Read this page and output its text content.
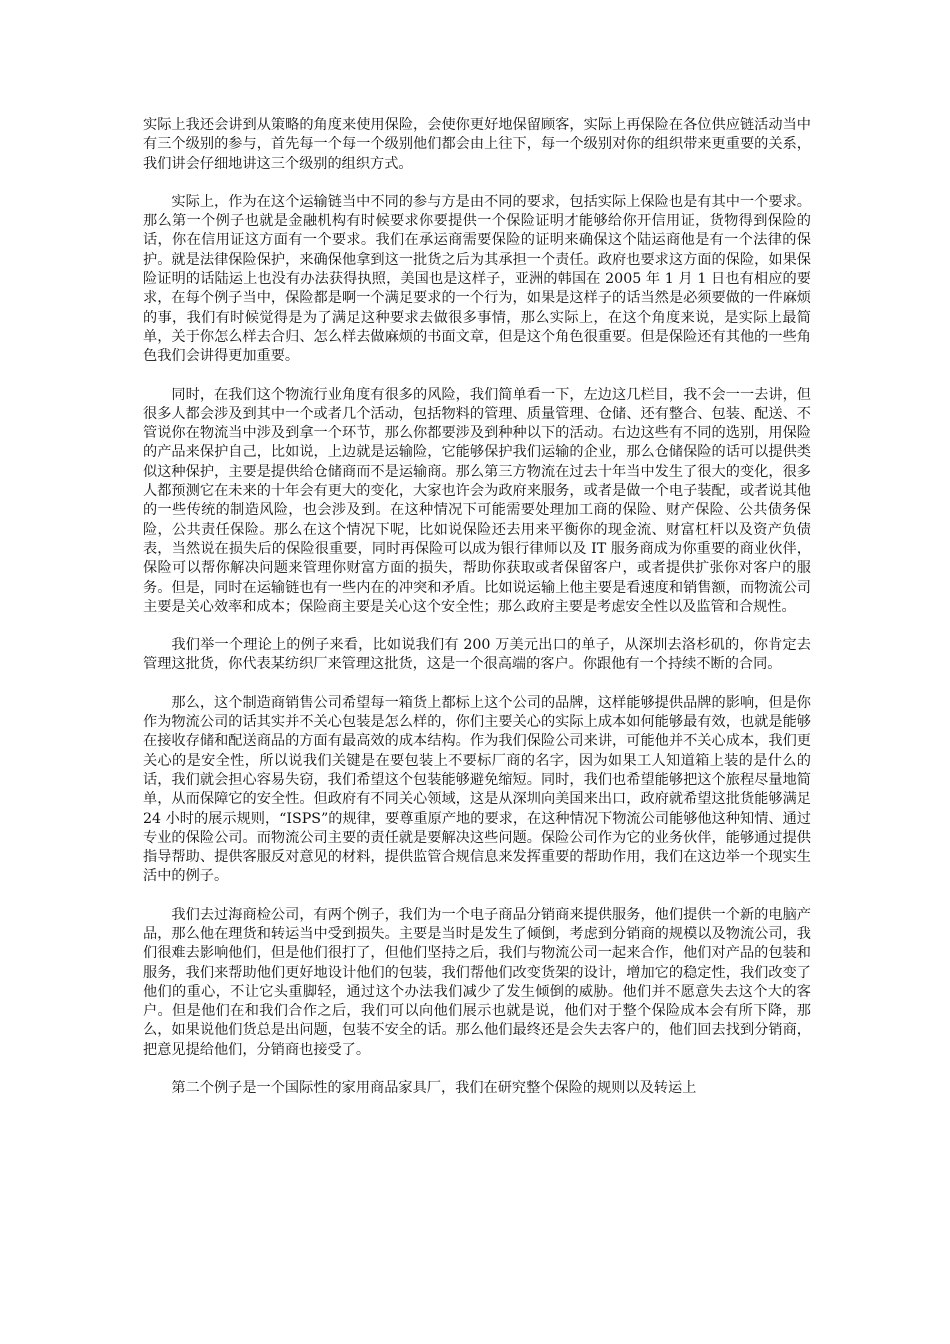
实际上我还会讲到从策略的角度来使用保险，会使你更好地保留顾客，实际上再保险在各位供应链活动当中有三个级别的参与，首先每一个每一个级别他们都会由上往下，每一个级别对你的组织带来更重要的关系，我们讲会仔细地讲这三个级别的组织方式。

实际上，作为在这个运输链当中不同的参与方是由不同的要求，包括实际上保险也是有其中一个要求。那么第一个例子也就是金融机构有时候要求你要提供一个保险证明才能够给你开信用证，货物得到保险的话，你在信用证这方面有一个要求。我们在承运商需要保险的证明来确保这个陆运商他是有一个法律的保护。就是法律保险保护，来确保他拿到这一批货之后为其承担一个责任。政府也要求这方面的保险，如果保险证明的话陆运上也没有办法获得执照，美国也是这样子，亚洲的韩国在 2005 年 1 月 1 日也有相应的要求，在每个例子当中，保险都是啊一个满足要求的一个行为，如果是这样子的话当然是必须要做的一件麻烦的事，我们有时候觉得是为了满足这种要求去做很多事情，那么实际上，在这个角度来说，是实际上最简单，关于你怎么样去合归、怎么样去做麻烦的书面文章，但是这个角色很重要。但是保险还有其他的一些角色我们会讲得更加重要。

同时，在我们这个物流行业角度有很多的风险，我们简单看一下，左边这几栏目，我不会一一去讲，但很多人都会涉及到其中一个或者几个活动，包括物料的管理、质量管理、仓储、还有整合、包装、配送、不管说你在物流当中涉及到拿一个环节，那么你都要涉及到种种以下的活动。右边这些有不同的选别，用保险的产品来保护自己，比如说，上边就是运输险，它能够保护我们运输的企业，那么仓储保险的话可以提供类似这种保护，主要是提供给仓储商而不是运输商。那么第三方物流在过去十年当中发生了很大的变化，很多人都预测它在未来的十年会有更大的变化，大家也许会为政府来服务，或者是做一个电子装配，或者说其他的一些传统的制造风险，也会涉及到。在这种情况下可能需要处理加工商的保险、财产保险、公共债务保险，公共责任保险。那么在这个情况下呢，比如说保险还去用来平衡你的现金流、财富杠杆以及资产负债表，当然说在损失后的保险很重要，同时再保险可以成为银行律师以及 IT 服务商成为你重要的商业伙伴，保险可以帮你解决问题来管理你财富方面的损失，帮助你获取或者保留客户，或者提供扩张你对客户的服务。但是，同时在运输链也有一些内在的冲突和矛盾。比如说运输上他主要是看速度和销售额，而物流公司主要是关心效率和成本；保险商主要是关心这个安全性；那么政府主要是考虑安全性以及监管和合规性。

我们举一个理论上的例子来看，比如说我们有 200 万美元出口的单子，从深圳去洛杉矶的，你肯定去管理这批货，你代表某纺织厂来管理这批货，这是一个很高端的客户。你跟他有一个持续不断的合同。

那么，这个制造商销售公司希望每一箱货上都标上这个公司的品牌，这样能够提供品牌的影响，但是你作为物流公司的话其实并不关心包装是怎么样的，你们主要关心的实际上成本如何能够最有效，也就是能够在接收存储和配送商品的方面有最高效的成本结构。作为我们保险公司来讲，可能他并不关心成本，我们更关心的是安全性，所以说我们关键是在要包装上不要标厂商的名字，因为如果工人知道箱上装的是什么的话，我们就会担心容易失窃，我们希望这个包装能够避免缩短。同时，我们也希望能够把这个旅程尽量地简单，从而保障它的安全性。但政府有不同关心领域，这是从深圳向美国来出口，政府就希望这批货能够满足 24 小时的展示规则，“ISPS”的规律，要尊重原产地的要求，在这种情况下物流公司能够他这种知情、通过专业的保险公司。而物流公司主要的责任就是要解决这些问题。保险公司作为它的业务伙伴，能够通过提供指导帮助、提供客服反对意见的材料，提供监管合规信息来发挥重要的帮助作用，我们在这边举一个现实生活中的例子。

我们去过海商检公司，有两个例子，我们为一个电子商品分销商来提供服务，他们提供一个新的电脑产品，那么他在理货和转运当中受到损失。主要是当时是发生了倾倒，考虑到分销商的规模以及物流公司，我们很难去影响他们，但是他们很打了，但他们坚持之后，我们与物流公司一起来合作，他们对产品的包装和服务，我们来帮助他们更好地设计他们的包装，我们帮他们改变货架的设计，增加它的稳定性，我们改变了他们的重心，不让它头重脚轻，通过这个办法我们减少了发生倾倒的威胁。他们并不愿意失去这个大的客户。但是他们在和我们合作之后，我们可以向他们展示也就是说，他们对于整个保险成本会有所下降，那么，如果说他们货总是出问题，包装不安全的话。那么他们最终还是会失去客户的，他们回去找到分销商，把意见提给他们，分销商也接受了。

第二个例子是一个国际性的家用商品家具厂，我们在研究整个保险的规则以及转运上
